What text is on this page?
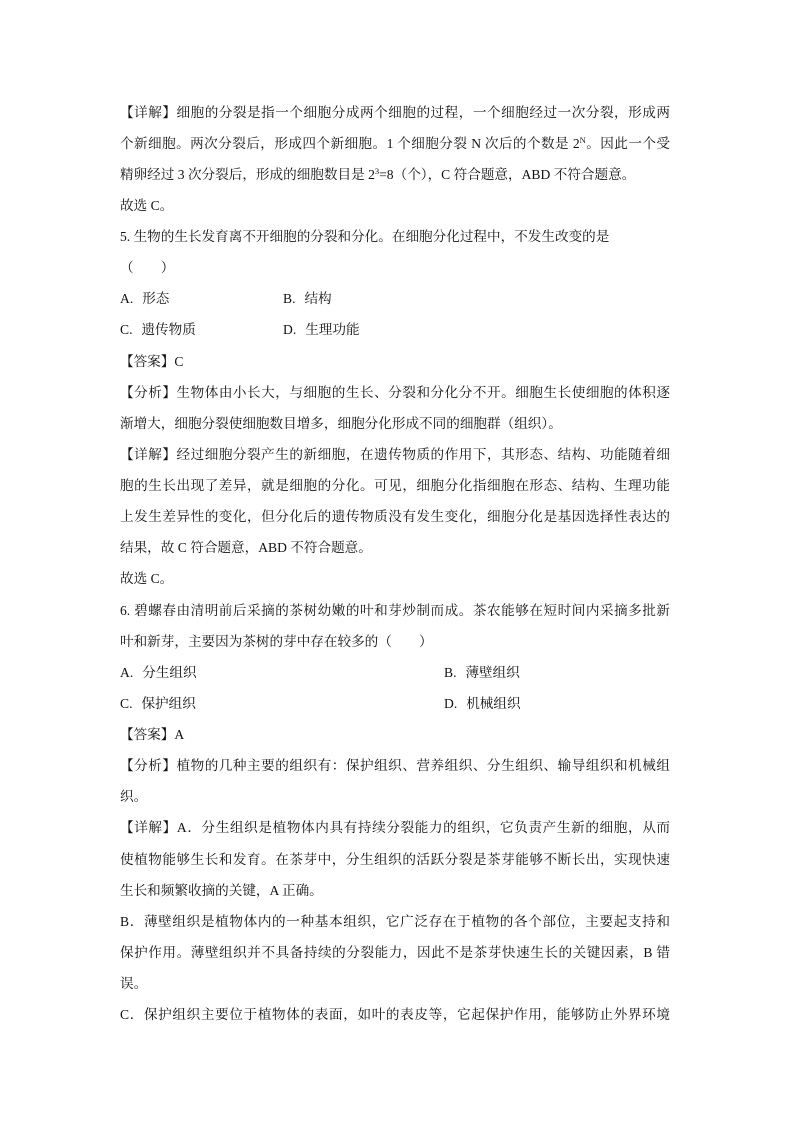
【详解】细胞的分裂是指一个细胞分成两个细胞的过程，一个细胞经过一次分裂，形成两
个新细胞。两次分裂后，形成四个新细胞。1 个细胞分裂 N 次后的个数是 $2^N$。因此一个受
精卵经过 3 次分裂后，形成的细胞数目是 $2^3=8$（个），C 符合题意，ABD 不符合题意。
故选 C。
5. 生物的生长发育离不开细胞的分裂和分化。在细胞分化过程中，不发生改变的是
（　　）
A. 形态	B. 结构
C. 遗传物质	D. 生理功能
【答案】C
【分析】生物体由小长大，与细胞的生长、分裂和分化分不开。细胞生长使细胞的体积逐
渐增大，细胞分裂使细胞数目增多，细胞分化形成不同的细胞群（组织）。
【详解】经过细胞分裂产生的新细胞，在遗传物质的作用下，其形态、结构、功能随着细
胞的生长出现了差异，就是细胞的分化。可见，细胞分化指细胞在形态、结构、生理功能
上发生差异性的变化，但分化后的遗传物质没有发生变化，细胞分化是基因选择性表达的
结果，故 C 符合题意，ABD 不符合题意。
故选 C。
6. 碧螺春由清明前后采摘的茶树幼嫩的叶和芽炒制而成。茶农能够在短时间内采摘多批新
叶和新芽，主要因为茶树的芽中存在较多的（　　）
A. 分生组织	B. 薄壁组织
C. 保护组织	D. 机械组织
【答案】A
【分析】植物的几种主要的组织有：保护组织、营养组织、分生组织、输导组织和机械组
织。
【详解】A．分生组织是植物体内具有持续分裂能力的组织，它负责产生新的细胞，从而
使植物能够生长和发育。在茶芽中，分生组织的活跃分裂是茶芽能够不断长出，实现快速
生长和频繁收摘的关键，A 正确。
B．薄壁组织是植物体内的一种基本组织，它广泛存在于植物的各个部位，主要起支持和
保护作用。薄壁组织并不具备持续的分裂能力，因此不是茶芽快速生长的关键因素，B 错
误。
C．保护组织主要位于植物体的表面，如叶的表皮等，它起保护作用，能够防止外界环境
